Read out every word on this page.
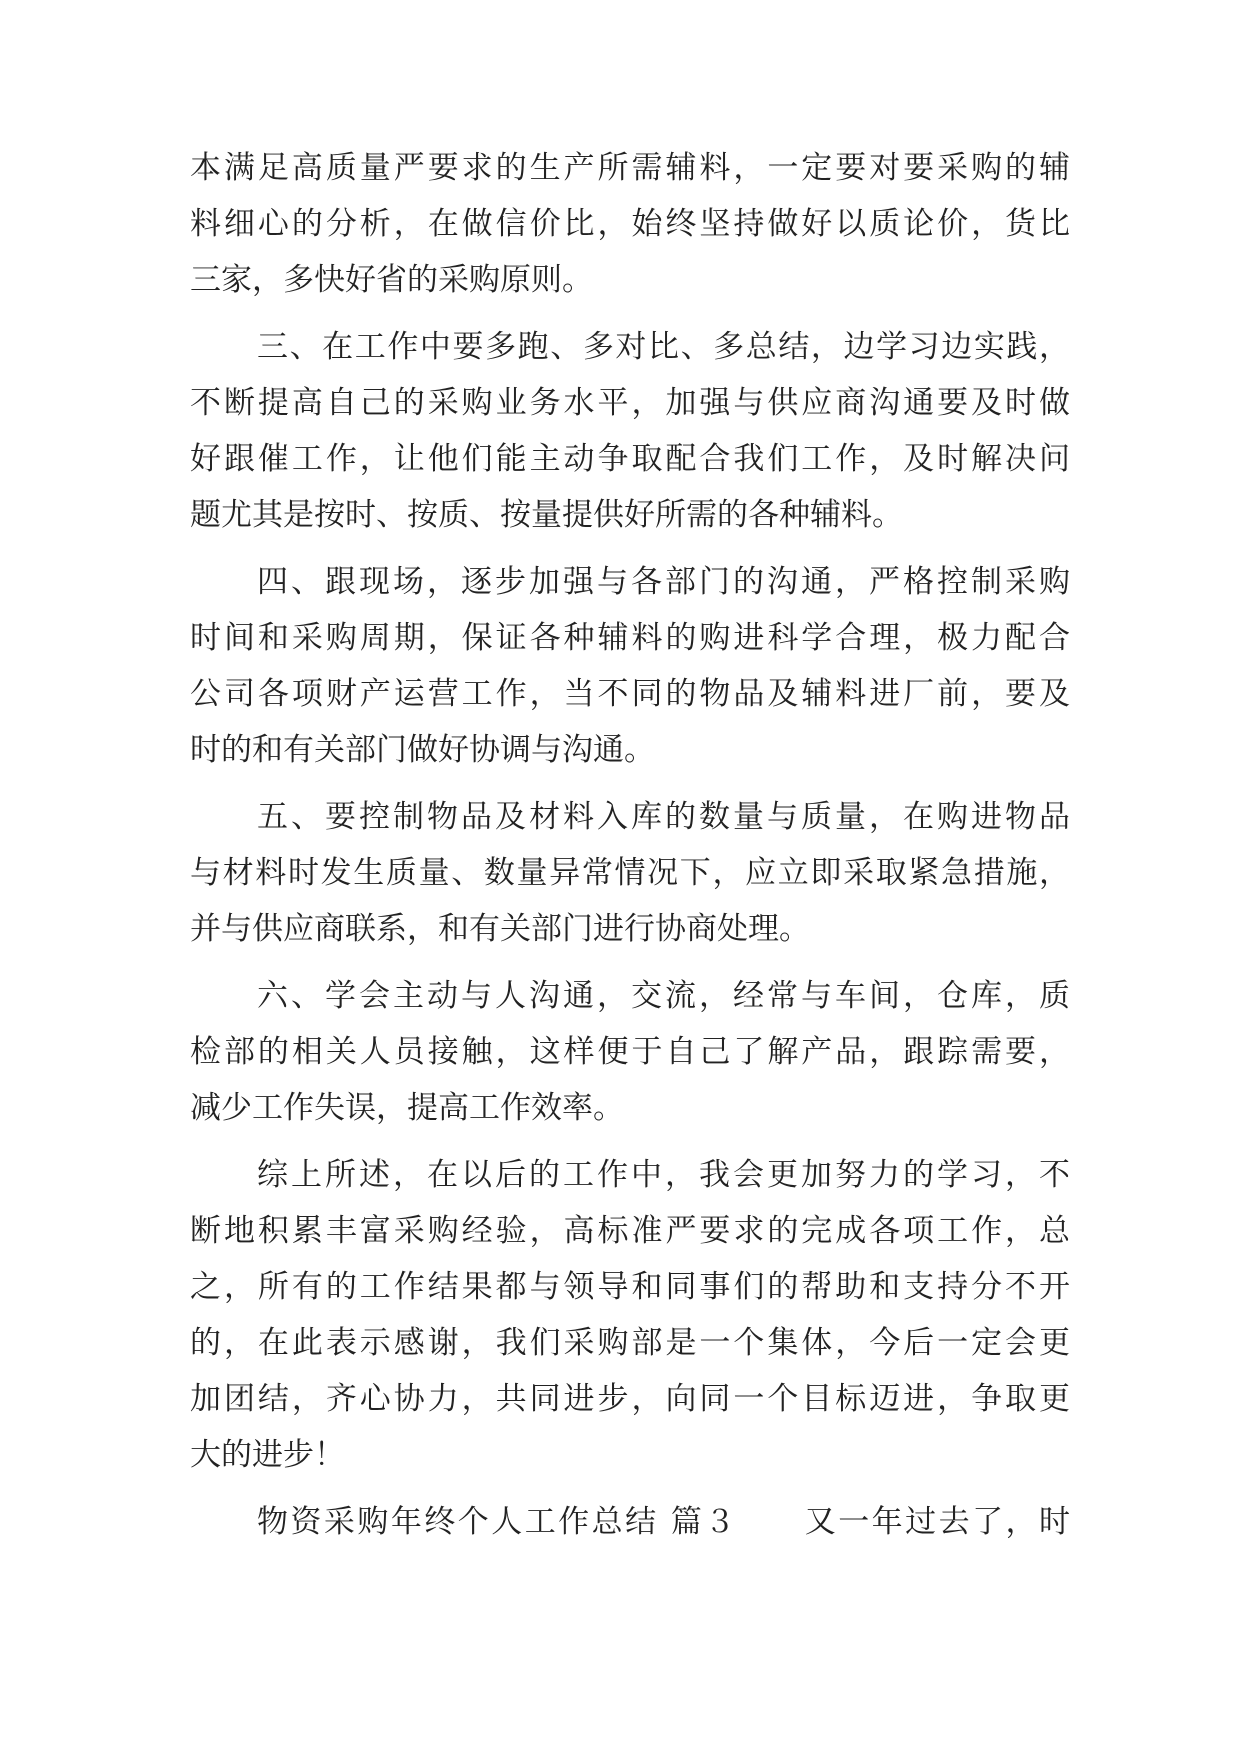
本满足高质量严要求的生产所需辅料，一定要对要采购的辅
料细心的分析，在做信价比，始终坚持做好以质论价，货比
三家，多快好省的采购原则。
三、在工作中要多跑、多对比、多总结，边学习边实践，
不断提高自己的采购业务水平，加强与供应商沟通要及时做
好跟催工作，让他们能主动争取配合我们工作，及时解决问
题尤其是按时、按质、按量提供好所需的各种辅料。
四、跟现场，逐步加强与各部门的沟通，严格控制采购
时间和采购周期，保证各种辅料的购进科学合理，极力配合
公司各项财产运营工作，当不同的物品及辅料进厂前，要及
时的和有关部门做好协调与沟通。
五、要控制物品及材料入库的数量与质量，在购进物品
与材料时发生质量、数量异常情况下，应立即采取紧急措施，
并与供应商联系，和有关部门进行协商处理。
六、学会主动与人沟通，交流，经常与车间，仓库，质
检部的相关人员接触，这样便于自己了解产品，跟踪需要，
减少工作失误，提高工作效率。
综上所述，在以后的工作中，我会更加努力的学习，不
断地积累丰富采购经验，高标准严要求的完成各项工作，总
之，所有的工作结果都与领导和同事们的帮助和支持分不开
的，在此表示感谢，我们采购部是一个集体，今后一定会更
加团结，齐心协力，共同进步，向同一个目标迈进，争取更
大的进步！
物资采购年终个人工作总结 篇３　　又一年过去了，时
